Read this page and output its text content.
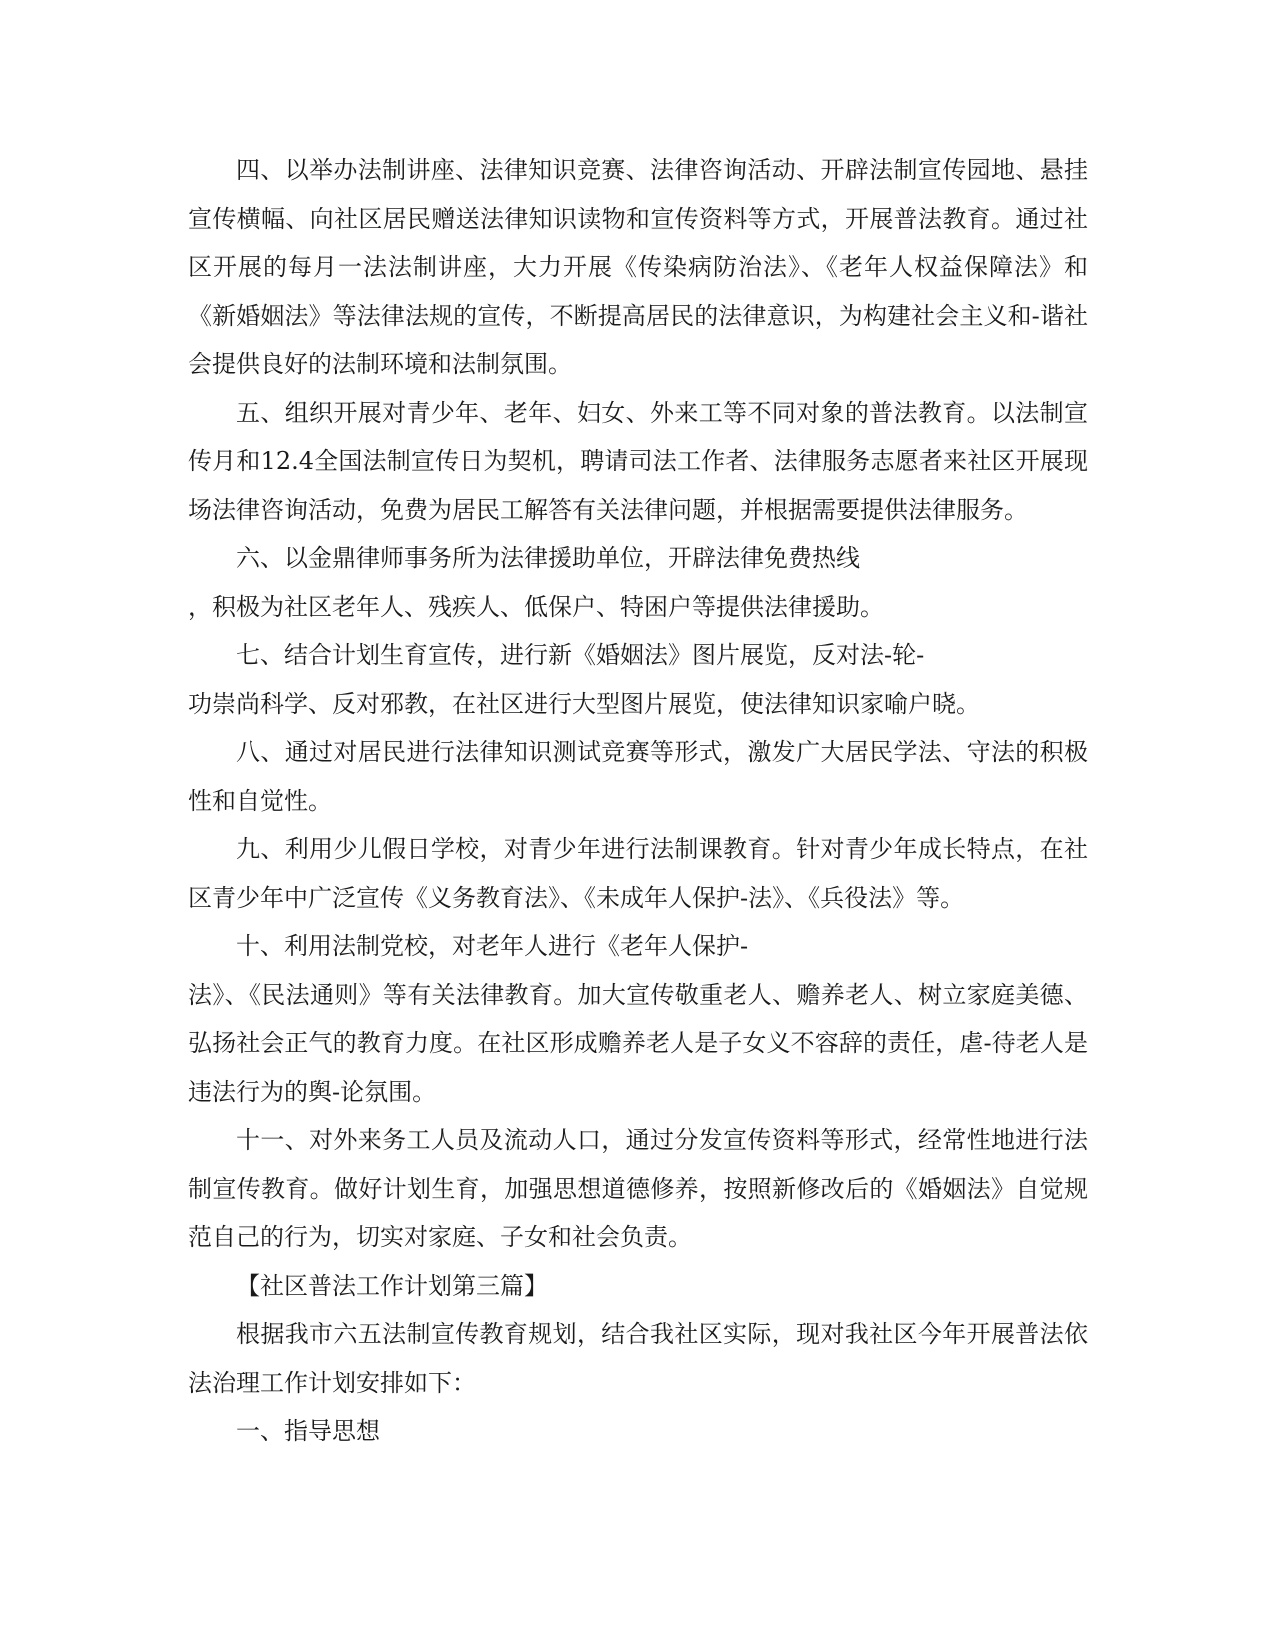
四、以举办法制讲座、法律知识竞赛、法律咨询活动、开辟法制宣传园地、悬挂宣传横幅、向社区居民赠送法律知识读物和宣传资料等方式，开展普法教育。通过社区开展的每月一法法制讲座，大力开展《传染病防治法》、《老年人权益保障法》和《新婚姻法》等法律法规的宣传，不断提高居民的法律意识，为构建社会主义和-谐社会提供良好的法制环境和法制氛围。

五、组织开展对青少年、老年、妇女、外来工等不同对象的普法教育。以法制宣传月和12.4全国法制宣传日为契机，聘请司法工作者、法律服务志愿者来社区开展现场法律咨询活动，免费为居民工解答有关法律问题，并根据需要提供法律服务。

六、以金鼎律师事务所为法律援助单位，开辟法律免费热线

，积极为社区老年人、残疾人、低保户、特困户等提供法律援助。

七、结合计划生育宣传，进行新《婚姻法》图片展览，反对法-轮-

功崇尚科学、反对邪教，在社区进行大型图片展览，使法律知识家喻户晓。

八、通过对居民进行法律知识测试竞赛等形式，激发广大居民学法、守法的积极性和自觉性。

九、利用少儿假日学校，对青少年进行法制课教育。针对青少年成长特点，在社区青少年中广泛宣传《义务教育法》、《未成年人保护-法》、《兵役法》等。

十、利用法制党校，对老年人进行《老年人保护-

法》、《民法通则》等有关法律教育。加大宣传敬重老人、赡养老人、树立家庭美德、弘扬社会正气的教育力度。在社区形成赡养老人是子女义不容辞的责任，虐-待老人是违法行为的舆-论氛围。

十一、对外来务工人员及流动人口，通过分发宣传资料等形式，经常性地进行法制宣传教育。做好计划生育，加强思想道德修养，按照新修改后的《婚姻法》自觉规范自己的行为，切实对家庭、子女和社会负责。

【社区普法工作计划第三篇】

根据我市六五法制宣传教育规划，结合我社区实际，现对我社区今年开展普法依法治理工作计划安排如下：

一、指导思想
